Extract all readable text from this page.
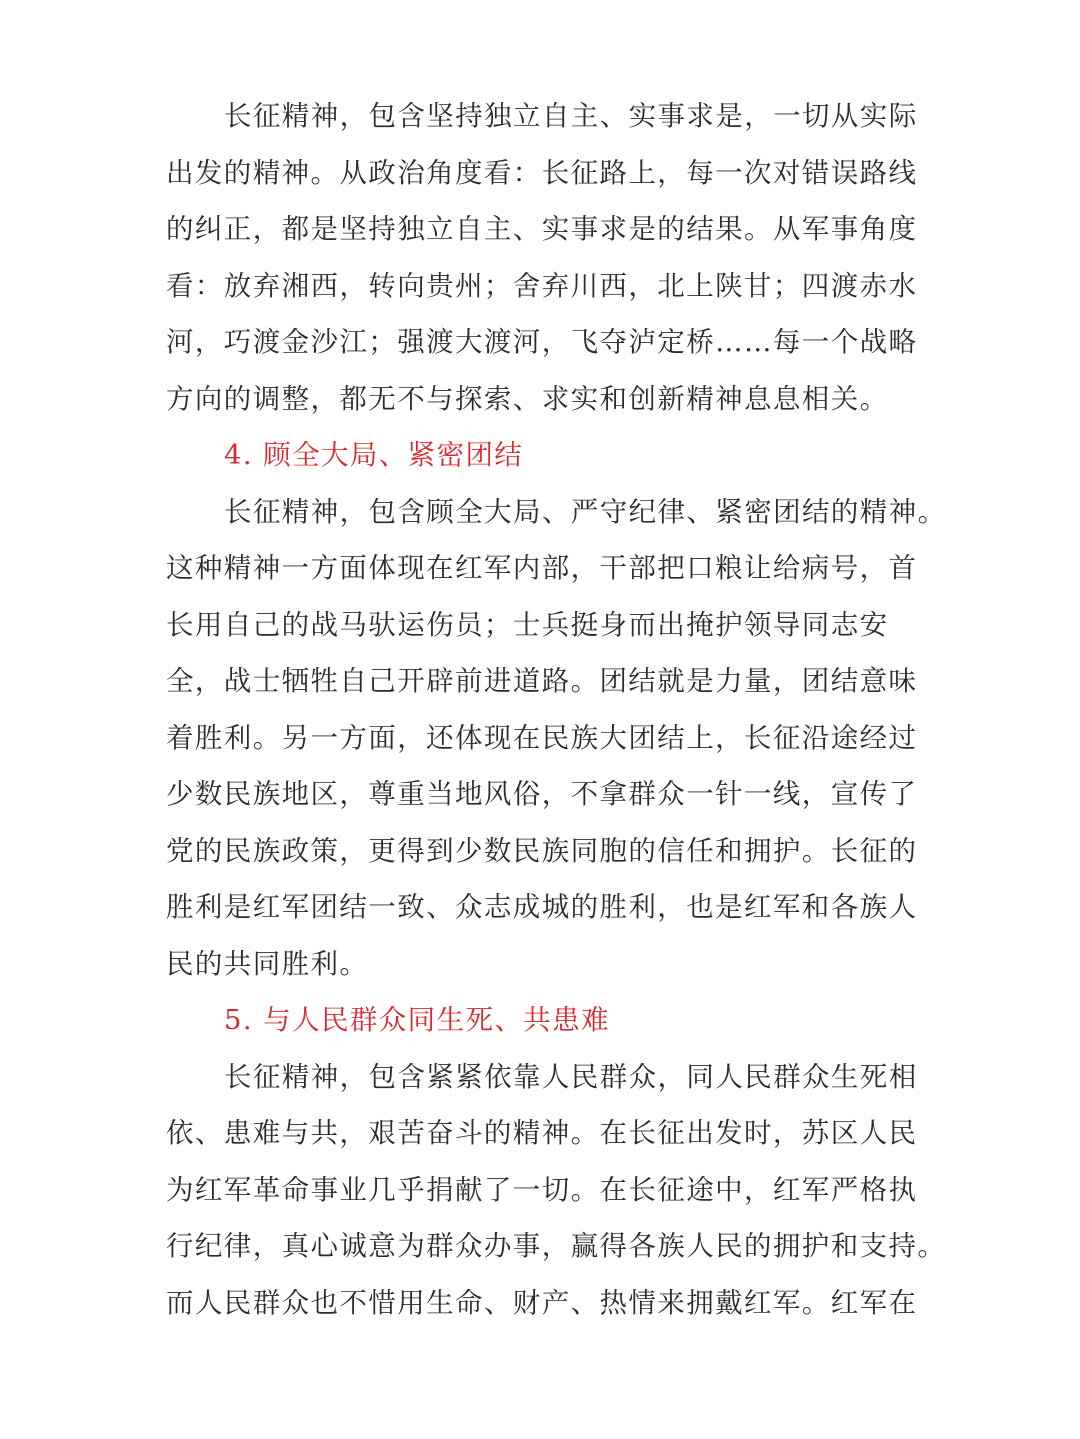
长征精神，包含坚持独立自主、实事求是，一切从实际
出发的精神。从政治角度看：长征路上，每一次对错误路线
的纠正，都是坚持独立自主、实事求是的结果。从军事角度
看：放弃湘西，转向贵州；舍弃川西，北上陕甘；四渡赤水
河，巧渡金沙江；强渡大渡河，飞夺泸定桥……每一个战略
方向的调整，都无不与探索、求实和创新精神息息相关。
4. 顾全大局、紧密团结
长征精神，包含顾全大局、严守纪律、紧密团结的精神。
这种精神一方面体现在红军内部，干部把口粮让给病号，首
长用自己的战马驮运伤员；士兵挺身而出掩护领导同志安
全，战士牺牲自己开辟前进道路。团结就是力量，团结意味
着胜利。另一方面，还体现在民族大团结上，长征沿途经过
少数民族地区，尊重当地风俗，不拿群众一针一线，宣传了
党的民族政策，更得到少数民族同胞的信任和拥护。长征的
胜利是红军团结一致、众志成城的胜利，也是红军和各族人
民的共同胜利。
5. 与人民群众同生死、共患难
长征精神，包含紧紧依靠人民群众，同人民群众生死相
依、患难与共，艰苦奋斗的精神。在长征出发时，苏区人民
为红军革命事业几乎捐献了一切。在长征途中，红军严格执
行纪律，真心诚意为群众办事，赢得各族人民的拥护和支持。
而人民群众也不惜用生命、财产、热情来拥戴红军。红军在
